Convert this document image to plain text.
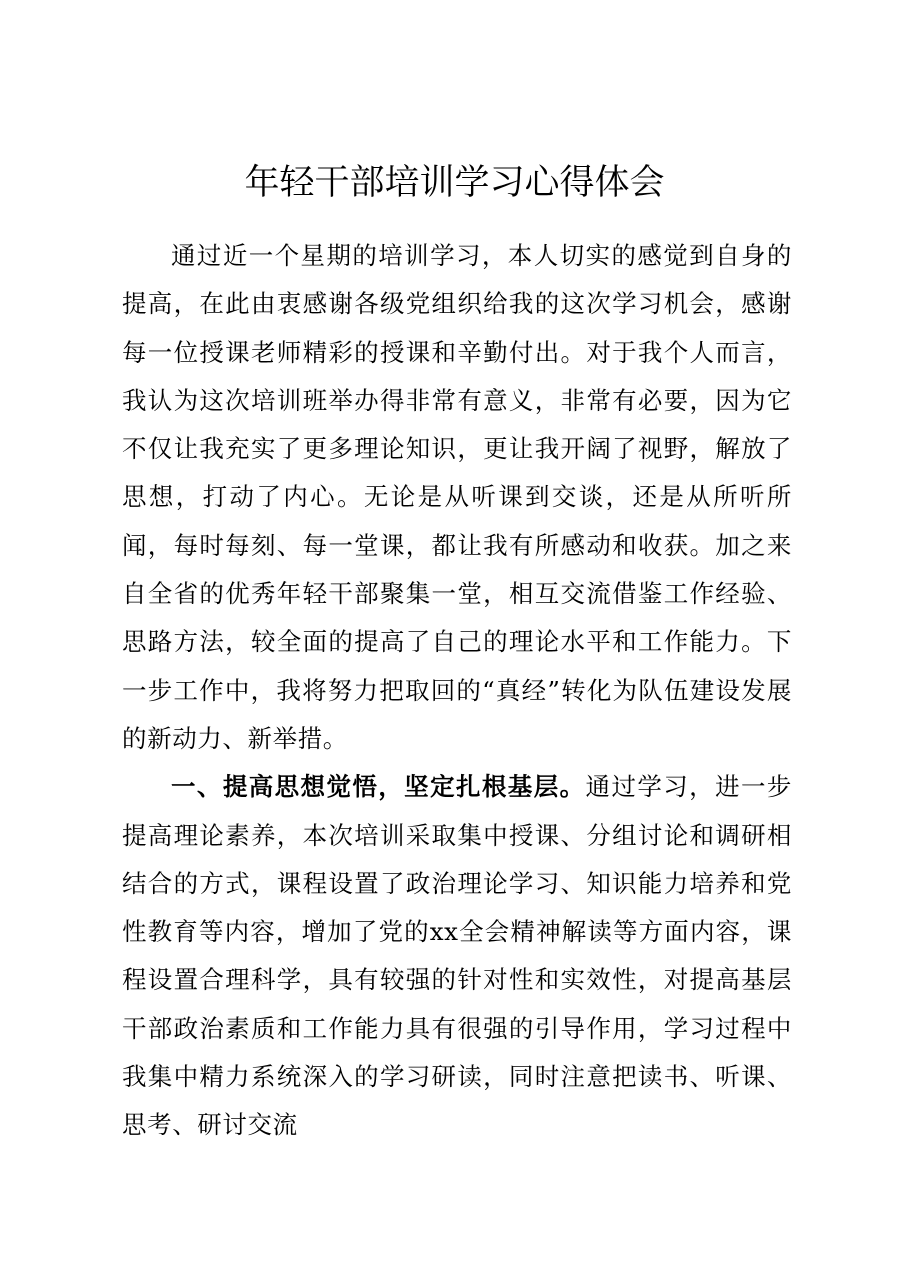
年轻干部培训学习心得体会

通过近一个星期的培训学习，本人切实的感觉到自身的提高，在此由衷感谢各级党组织给我的这次学习机会，感谢每一位授课老师精彩的授课和辛勤付出。对于我个人而言，我认为这次培训班举办得非常有意义，非常有必要，因为它不仅让我充实了更多理论知识，更让我开阔了视野，解放了思想，打动了内心。无论是从听课到交谈，还是从所听所闻，每时每刻、每一堂课，都让我有所感动和收获。加之来自全省的优秀年轻干部聚集一堂，相互交流借鉴工作经验、思路方法，较全面的提高了自己的理论水平和工作能力。下一步工作中，我将努力把取回的“真经”转化为队伍建设发展的新动力、新举措。

一、提高思想觉悟，坚定扎根基层。通过学习，进一步提高理论素养，本次培训采取集中授课、分组讨论和调研相结合的方式，课程设置了政治理论学习、知识能力培养和党性教育等内容，增加了党的xx全会精神解读等方面内容，课程设置合理科学，具有较强的针对性和实效性，对提高基层干部政治素质和工作能力具有很强的引导作用，学习过程中我集中精力系统深入的学习研读，同时注意把读书、听课、思考、研讨交流
